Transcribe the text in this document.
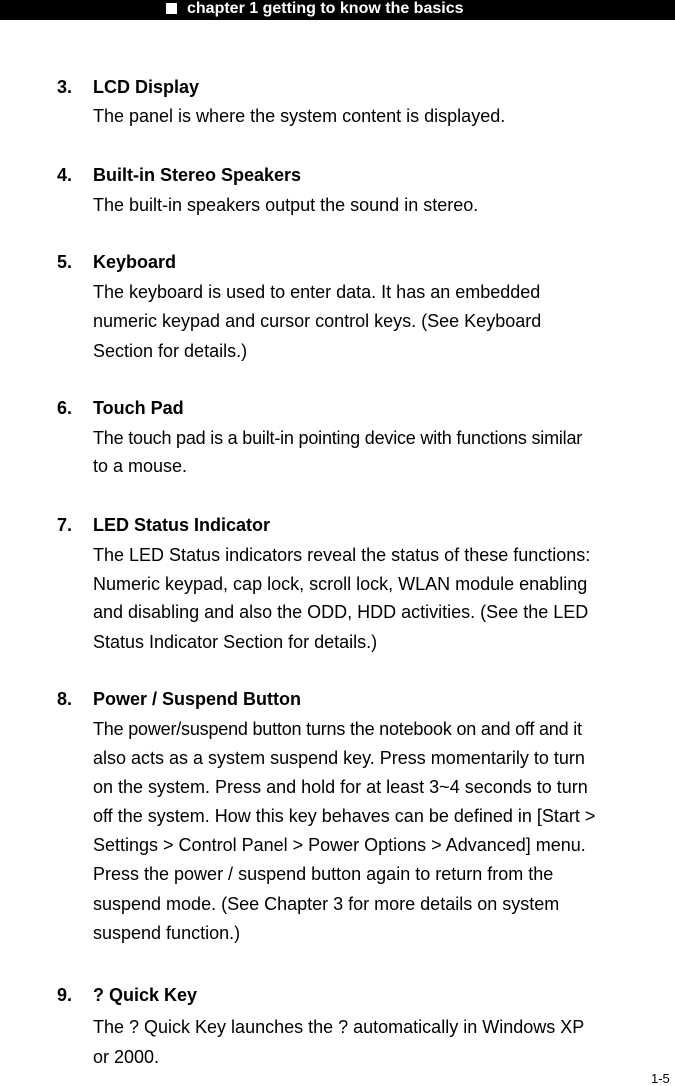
chapter 1 getting to know the basics
3. LCD Display
The panel is where the system content is displayed.
4. Built-in Stereo Speakers
The built-in speakers output the sound in stereo.
5. Keyboard
The keyboard is used to enter data. It has an embedded
numeric keypad and cursor control keys. (See Keyboard
Section for details.)
6. Touch Pad
The touch pad is a built-in pointing device with functions similar
to a mouse.
7. LED Status Indicator
The LED Status indicators reveal the status of these functions:
Numeric keypad, cap lock, scroll lock, WLAN module enabling
and disabling and also the ODD, HDD activities. (See the LED
Status Indicator Section for details.)
8. Power / Suspend Button
The power/suspend button turns the notebook on and off and it
also acts as a system suspend key. Press momentarily to turn
on the system. Press and hold for at least 3~4 seconds to turn
off the system. How this key behaves can be defined in [Start >
Settings > Control Panel > Power Options > Advanced] menu.
Press the power / suspend button again to return from the
suspend mode. (See Chapter 3 for more details on system
suspend function.)
9. ? Quick Key
The ? Quick Key launches the ? automatically in Windows XP
or 2000.
1-5
